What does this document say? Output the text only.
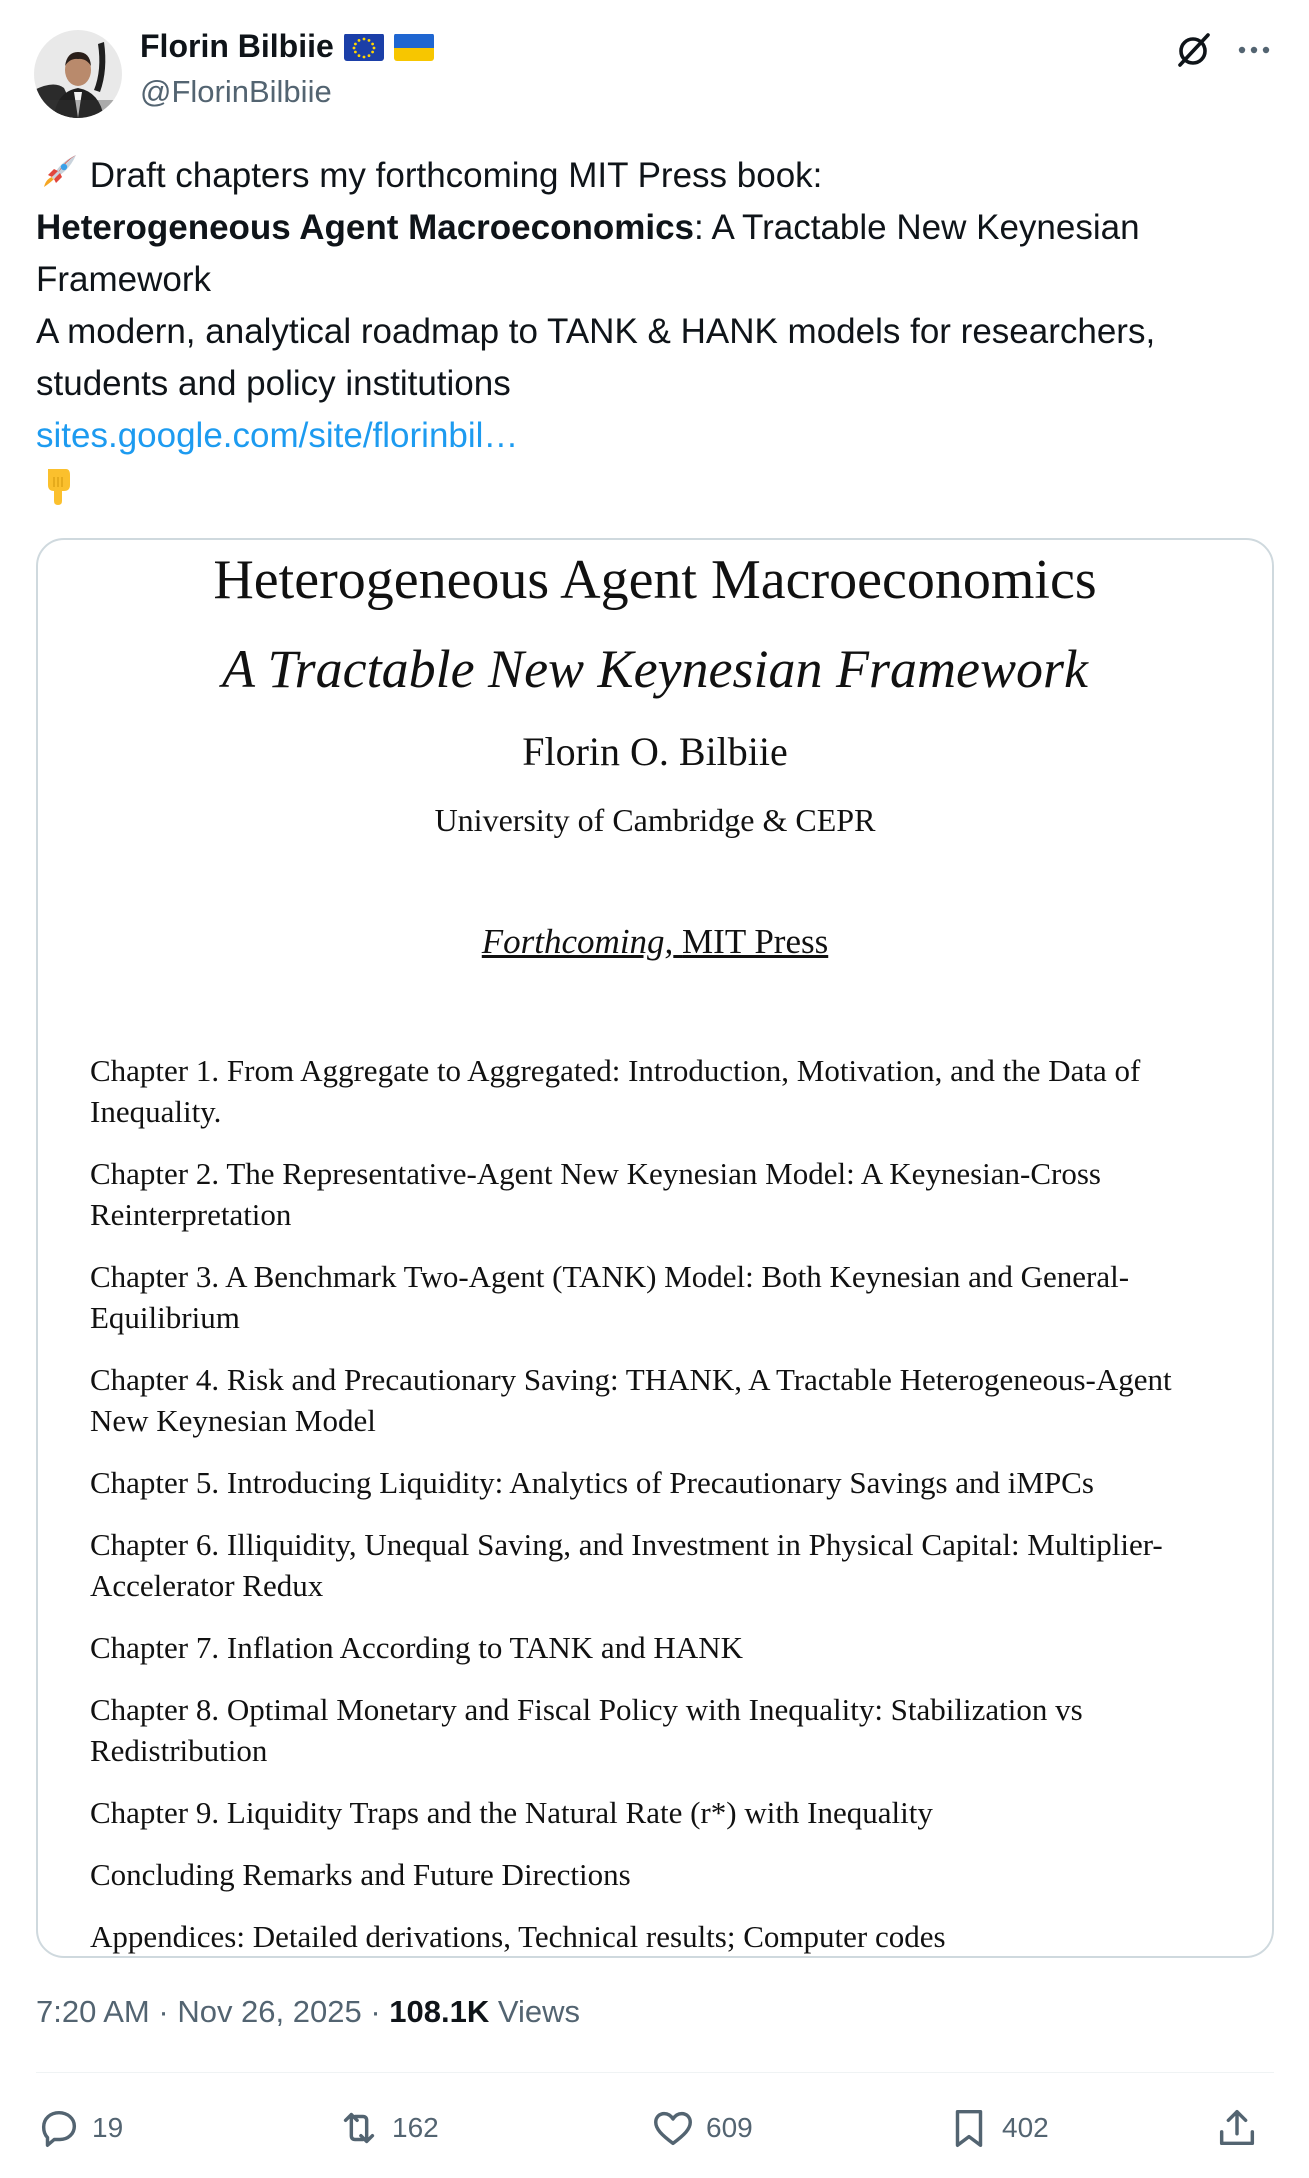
Florin Bilbiie
@FlorinBilbiie
Draft chapters my forthcoming MIT Press book:
Heterogeneous Agent Macroeconomics: A Tractable New Keynesian
Framework
A modern, analytical roadmap to TANK & HANK models for researchers,
students and policy institutions
sites.google.com/site/florinbil…
Heterogeneous Agent Macroeconomics
A Tractable New Keynesian Framework
Florin O. Bilbiie
University of Cambridge & CEPR
Forthcoming, MIT Press
Chapter 1. From Aggregate to Aggregated: Introduction, Motivation, and the Data of
Inequality.
Chapter 2. The Representative-Agent New Keynesian Model: A Keynesian-Cross
Reinterpretation
Chapter 3. A Benchmark Two-Agent (TANK) Model: Both Keynesian and General-
Equilibrium
Chapter 4. Risk and Precautionary Saving: THANK, A Tractable Heterogeneous-Agent
New Keynesian Model
Chapter 5. Introducing Liquidity: Analytics of Precautionary Savings and iMPCs
Chapter 6. Illiquidity, Unequal Saving, and Investment in Physical Capital: Multiplier-
Accelerator Redux
Chapter 7. Inflation According to TANK and HANK
Chapter 8. Optimal Monetary and Fiscal Policy with Inequality: Stabilization vs
Redistribution
Chapter 9. Liquidity Traps and the Natural Rate (r*) with Inequality
Concluding Remarks and Future Directions
Appendices: Detailed derivations, Technical results; Computer codes
7:20 AM · Nov 26, 2025 · 108.1K Views
19	162	609	402
